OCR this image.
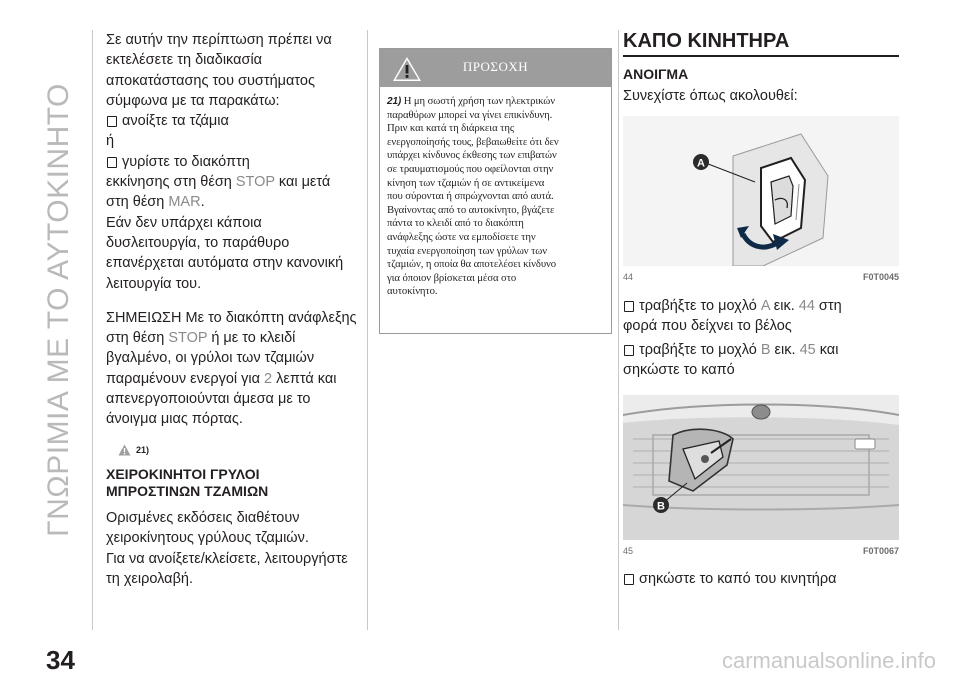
ΓΝΩΡΙΜΙΑ ΜΕ ΤΟ ΑΥΤΟΚΙΝΗΤΟ

Σε αυτήν την περίπτωση πρέπει να

εκτελέσετε τη διαδικασία

αποκατάστασης του συστήματος

σύμφωνα με τα παρακάτω:

ανοίξτε τα τζάμια

ή

γυρίστε το διακόπτη

εκκίνησης στη θέση STOP και μετά

στη θέση MAR.

Εάν δεν υπάρχει κάποια

δυσλειτουργία, το παράθυρο

επανέρχεται αυτόματα στην κανονική

λειτουργία του.

ΣΗΜΕΙΩΣΗ Με το διακόπτη ανάφλεξης

στη θέση STOP ή με το κλειδί

βγαλμένο, οι γρύλοι των τζαμιών

παραμένουν ενεργοί για 2 λεπτά και

απενεργοποιούνται άμεσα με το

άνοιγμα μιας πόρτας.

21)

ΧΕΙΡΟΚΙΝΗΤΟΙ ΓΡΥΛΟΙ

ΜΠΡΟΣΤΙΝΩΝ ΤΖΑΜΙΩΝ

Ορισμένες εκδόσεις διαθέτουν

χειροκίνητους γρύλους τζαμιών.

Για να ανοίξετε/κλείσετε, λειτουργήστε

τη χειρολαβή.

ΠΡΟΣΟΧΗ
21) Η μη σωστή χρήση των ηλεκτρικών
παραθύρων μπορεί να γίνει επικίνδυνη.
Πριν και κατά τη διάρκεια της
ενεργοποίησής τους, βεβαιωθείτε ότι δεν
υπάρχει κίνδυνος έκθεσης των επιβατών
σε τραυματισμούς που οφείλονται στην
κίνηση των τζαμιών ή σε αντικείμενα
που σύρονται ή σπρώχνονται από αυτά.
Βγαίνοντας από το αυτοκίνητο, βγάζετε
πάντα το κλειδί από το διακόπτη
ανάφλεξης ώστε να εμποδίσετε την
τυχαία ενεργοποίηση των γρύλων των
τζαμιών, η οποία θα αποτελέσει κίνδυνο
για όποιον βρίσκεται μέσα στο
αυτοκίνητο.
ΚΑΠΟ ΚΙΝΗΤΗΡΑ
ΑΝΟΙΓΜΑ

Συνεχίστε όπως ακολουθεί:

A
44	F0T0045

τραβήξτε το μοχλό A εικ. 44 στη

φορά που δείχνει το βέλος

τραβήξτε το μοχλό B εικ. 45 και

σηκώστε το καπό

B
45	F0T0067

σηκώστε το καπό του κινητήρα

34	carmanualsonline.info
